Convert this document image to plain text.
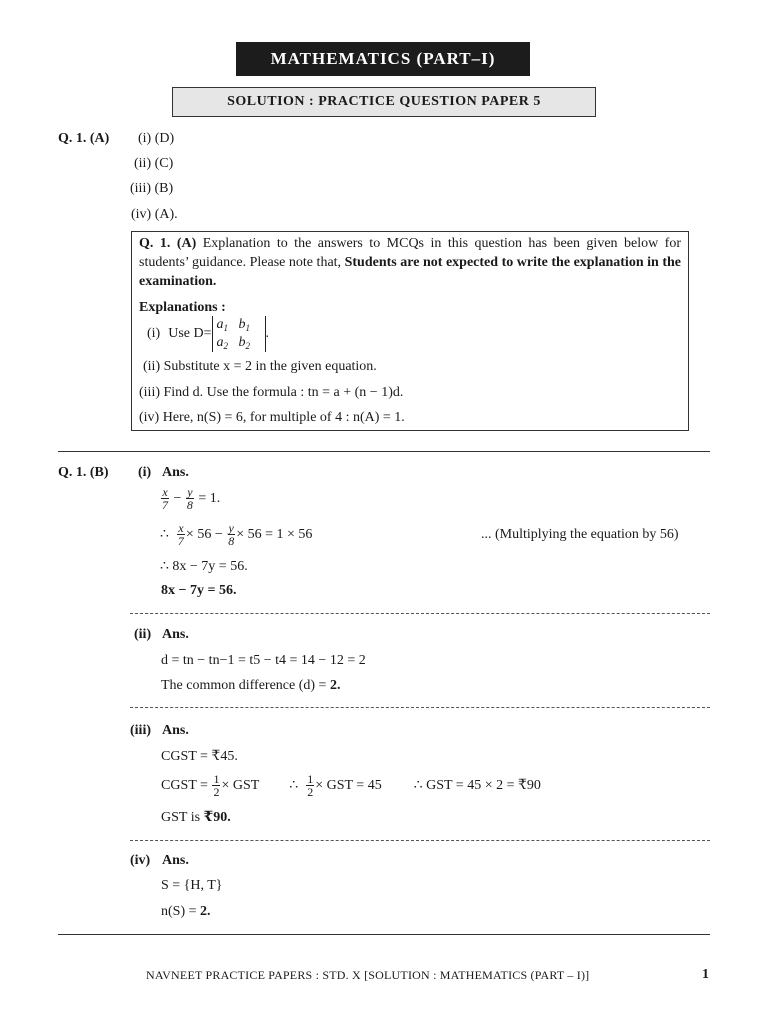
MATHEMATICS (PART–I)
SOLUTION : PRACTICE QUESTION PAPER 5
Q. 1. (A) (i) (D)
(ii) (C)
(iii) (B)
(iv) (A).
Q. 1. (A) Explanation to the answers to MCQs in this question has been given below for students’ guidance. Please note that, Students are not expected to write the explanation in the examination.
Explanations :
(i) Use D=
$a_1$ $b_1$
$a_2$ $b_2$
.
(ii) Substitute x = 2 in the given equation.
(iii) Find d. Use the formula : tn = a + (n − 1)d.
(iv) Here, n(S) = 6, for multiple of 4 : n(A) = 1.
Q. 1. (B) (i) Ans.
$\frac{x}{7} - \frac{y}{8} = 1$.
∴ $\frac{x}{7} \times 56 - \frac{y}{8} \times 56 = 1 \times 56$	... (Multiplying the equation by 56)
∴ 8x − 7y = 56.
8x − 7y = 56.
(ii) Ans.
d = tn − tn−1 = t5 − t4 = 14 − 12 = 2
The common difference (d) = 2.
(iii) Ans.
CGST = ₹45.
CGST = $\frac{1}{2}$ × GST ∴ $\frac{1}{2}$ × GST = 45 ∴ GST = 45 × 2 = ₹90
GST is ₹90.
(iv) Ans.
S = {H, T}
n(S) = 2.
NAVNEET PRACTICE PAPERS : STD. X [SOLUTION : MATHEMATICS (PART – I)]	1
